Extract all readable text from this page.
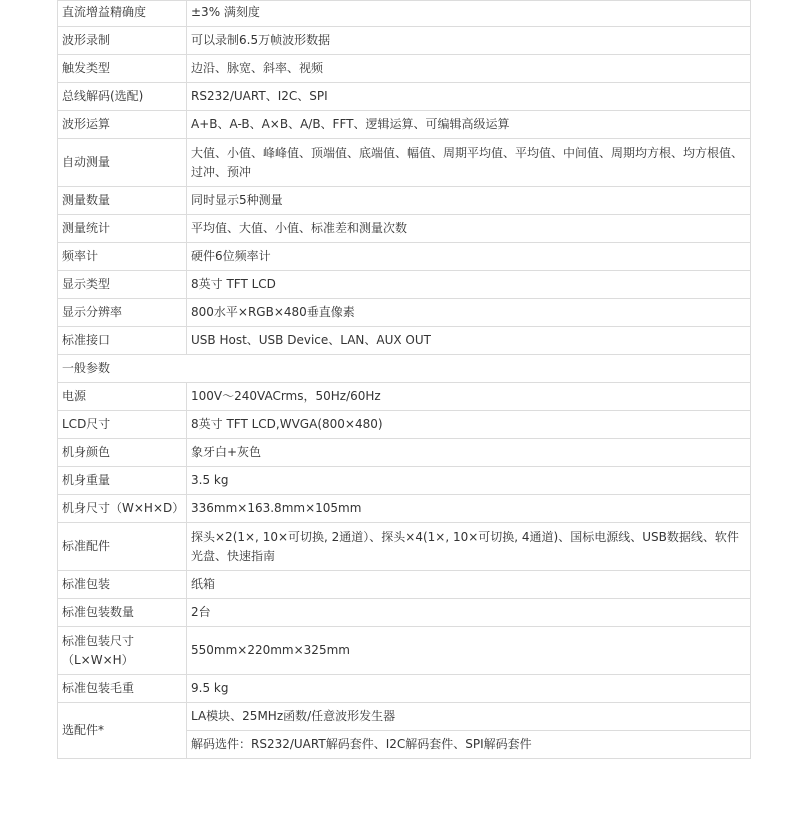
直流增益精确度	±3% 满刻度
波形录制	可以录制6.5万帧波形数据
触发类型	边沿、脉宽、斜率、视频
总线解码(选配)	RS232/UART、I2C、SPI
波形运算	A+B、A-B、A×B、A/B、FFT、逻辑运算、可编辑高级运算
自动测量	大值、小值、峰峰值、顶端值、底端值、幅值、周期平均值、平均值、中间值、周期均方根、均方根值、过冲、预冲
测量数量	同时显示5种测量
测量统计	平均值、大值、小值、标准差和测量次数
频率计	硬件6位频率计
显示类型	8英寸 TFT LCD
显示分辨率	800水平×RGB×480垂直像素
标准接口	USB Host、USB Device、LAN、AUX OUT
一般参数	
电源	100V～240VACrms，50Hz/60Hz
LCD尺寸	8英寸 TFT LCD,WVGA(800×480)
机身颜色	象牙白+灰色
机身重量	3.5 kg
机身尺寸（W×H×D）	336mm×163.8mm×105mm
标准配件	探头×2(1×, 10×可切换, 2通道）、探头×4(1×, 10×可切换, 4通道)、国标电源线、USB数据线、软件光盘、快速指南
标准包装	纸箱
标准包装数量	2台
标准包装尺寸（L×W×H）	550mm×220mm×325mm
标准包装毛重	9.5 kg
选配件*	LA模块、25MHz函数/任意波形发生器
	解码选件：RS232/UART解码套件、I2C解码套件、SPI解码套件
